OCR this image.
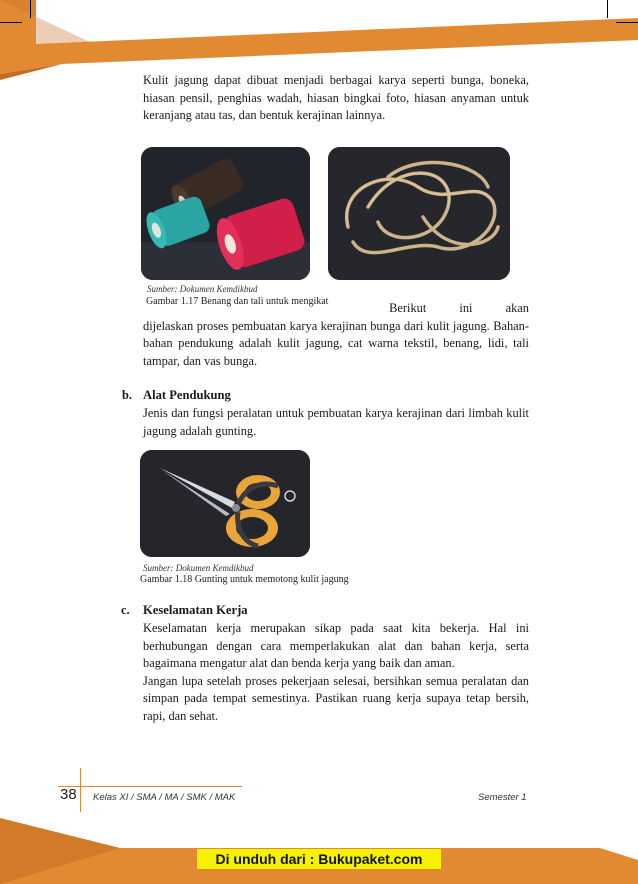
Kulit jagung dapat dibuat menjadi berbagai karya seperti bunga, boneka, hiasan pensil, penghias wadah, hiasan bingkai foto, hiasan anyaman untuk keranjang atau tas, dan bentuk kerajinan lainnya.

Sumber: Dokumen Kemdikbud
Gambar 1.17 Benang dan tali untuk mengikat	Berikut ini akan

dijelaskan proses pembuatan karya kerajinan bunga dari kulit jagung. Bahan-bahan pendukung adalah kulit jagung, cat warna tekstil, benang, lidi, tali tampar, dan vas bunga.

b. Alat Pendukung

Jenis dan fungsi peralatan untuk pembuatan karya kerajinan dari limbah kulit jagung adalah gunting.

Sumber: Dokumen Kemdikbud
Gambar 1.18 Gunting untuk memotong kulit jagung
c. Keselamatan Kerja

Keselamatan kerja merupakan sikap pada saat kita bekerja. Hal ini berhubungan dengan cara memperlakukan alat dan bahan kerja, serta bagaimana mengatur alat dan benda kerja yang baik dan aman.

Jangan lupa setelah proses pekerjaan selesai, bersihkan semua peralatan dan simpan pada tempat semestinya. Pastikan ruang kerja supaya tetap bersih, rapi, dan sehat.

38 Kelas XI / SMA / MA / SMK / MAK	Semester 1
Di unduh dari : Bukupaket.com
